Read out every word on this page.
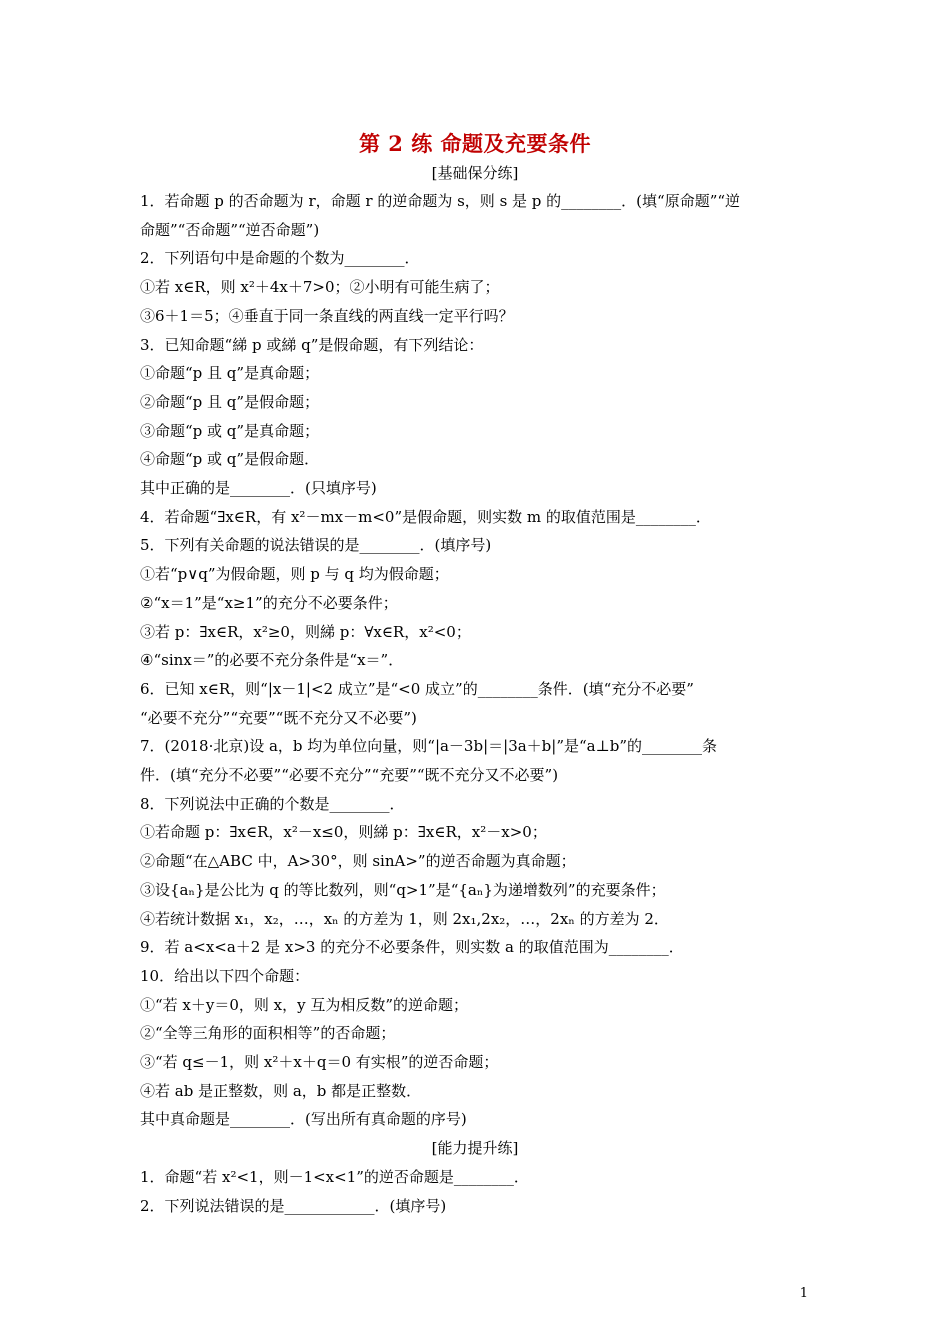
第 2 练 命题及充要条件
[基础保分练]
1．若命题 p 的否命题为 r，命题 r 的逆命题为 s，则 s 是 p 的________．(填“原命题”“逆
命题”“否命题”“逆否命题”)
2．下列语句中是命题的个数为________．
①若 x∈R，则 x²＋4x＋7>0；②小明有可能生病了；
③6＋1＝5；④垂直于同一条直线的两直线一定平行吗？
3．已知命题“綈 p 或綈 q”是假命题，有下列结论：
①命题“p 且 q”是真命题；
②命题“p 且 q”是假命题；
③命题“p 或 q”是真命题；
④命题“p 或 q”是假命题．
其中正确的是________．(只填序号)
4．若命题“∃x∈R，有 x²－mx－m<0”是假命题，则实数 m 的取值范围是________．
5．下列有关命题的说法错误的是________．(填序号)
①若“p∨q”为假命题，则 p 与 q 均为假命题；
②“x＝1”是“x≥1”的充分不必要条件；
③若 p：∃x∈R，x²≥0，则綈 p：∀x∈R，x²<0；
④“sinx＝”的必要不充分条件是“x＝”．
6．已知 x∈R，则“|x－1|<2 成立”是“<0 成立”的________条件．(填“充分不必要”
“必要不充分”“充要”“既不充分又不必要”)
7．(2018·北京)设 a，b 均为单位向量，则“|a－3b|＝|3a＋b|”是“a⊥b”的________条
件．(填“充分不必要”“必要不充分”“充要”“既不充分又不必要”)
8．下列说法中正确的个数是________．
①若命题 p：∃x∈R，x²－x≤0，则綈 p：∃x∈R，x²－x>0；
②命题“在△ABC 中，A>30°，则 sinA>”的逆否命题为真命题；
③设{aₙ}是公比为 q 的等比数列，则“q>1”是“{aₙ}为递增数列”的充要条件；
④若统计数据 x₁，x₂，…，xₙ 的方差为 1，则 2x₁,2x₂，…，2xₙ 的方差为 2．
9．若 a<x<a＋2 是 x>3 的充分不必要条件，则实数 a 的取值范围为________．
10．给出以下四个命题：
①“若 x＋y＝0，则 x，y 互为相反数”的逆命题；
②“全等三角形的面积相等”的否命题；
③“若 q≤－1，则 x²＋x＋q＝0 有实根”的逆否命题；
④若 ab 是正整数，则 a，b 都是正整数．
其中真命题是________．(写出所有真命题的序号)
[能力提升练]
1．命题“若 x²<1，则－1<x<1”的逆否命题是________．
2．下列说法错误的是____________．(填序号)
1
